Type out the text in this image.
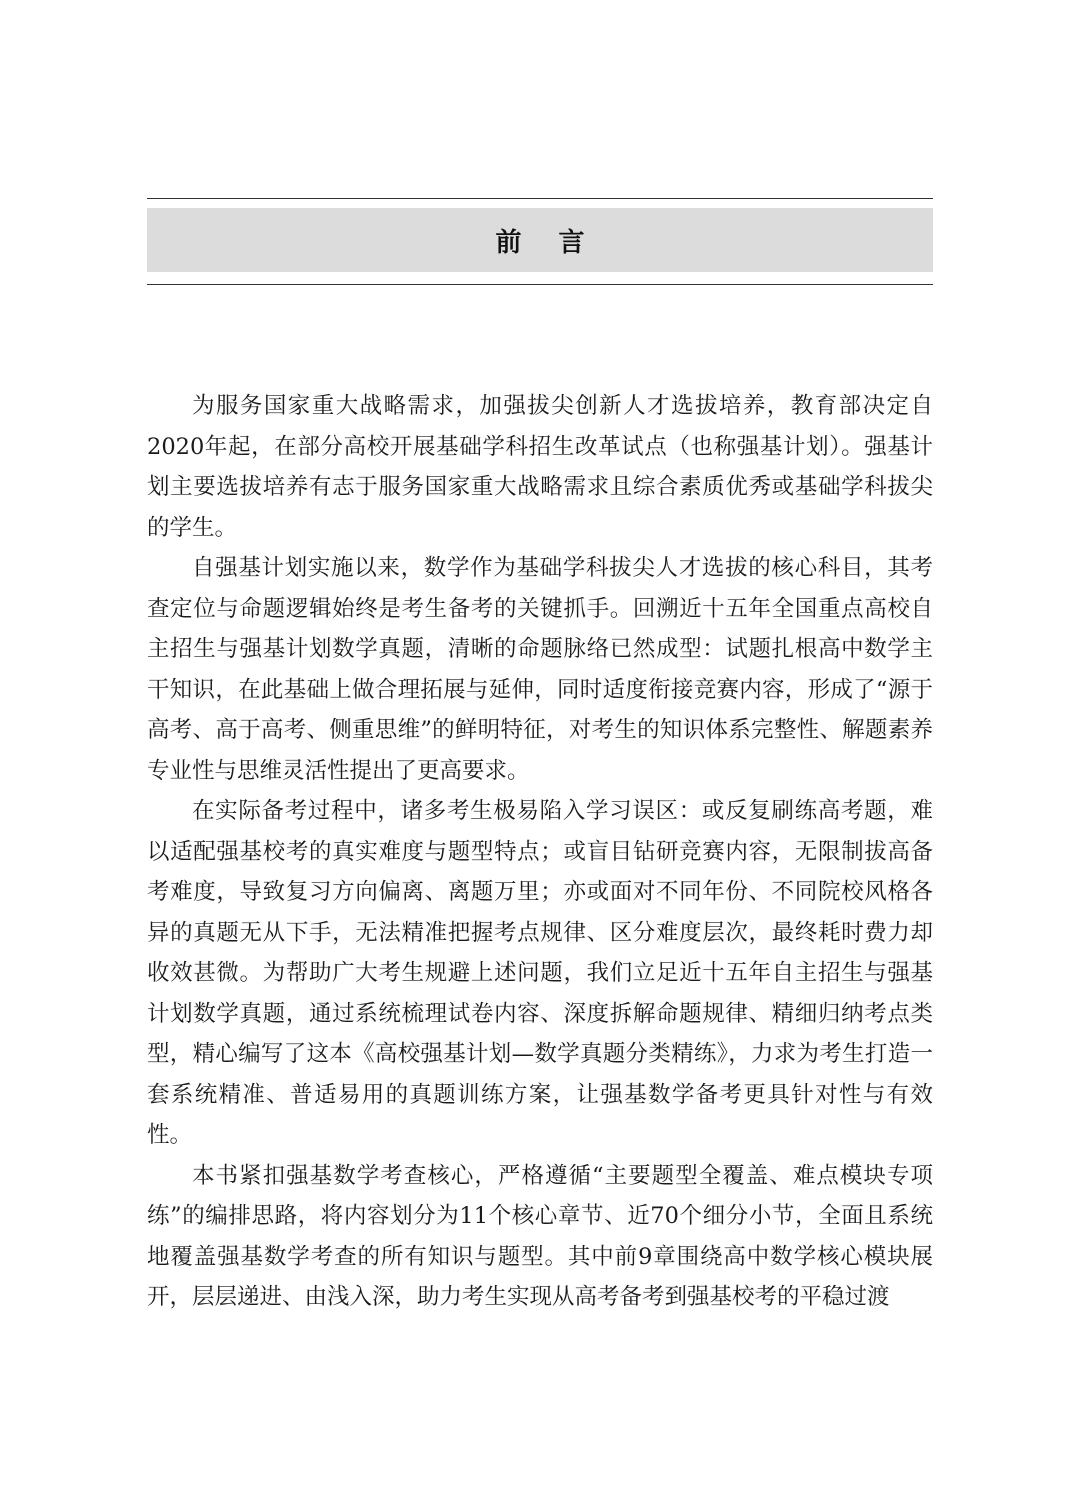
前 言

为服务国家重大战略需求，加强拔尖创新人才选拔培养，教育部决定自2020年起，在部分高校开展基础学科招生改革试点（也称强基计划）。强基计划主要选拔培养有志于服务国家重大战略需求且综合素质优秀或基础学科拔尖的学生。

自强基计划实施以来，数学作为基础学科拔尖人才选拔的核心科目，其考查定位与命题逻辑始终是考生备考的关键抓手。回溯近十五年全国重点高校自主招生与强基计划数学真题，清晰的命题脉络已然成型：试题扎根高中数学主干知识，在此基础上做合理拓展与延伸，同时适度衔接竞赛内容，形成了“源于高考、高于高考、侧重思维”的鲜明特征，对考生的知识体系完整性、解题素养专业性与思维灵活性提出了更高要求。

在实际备考过程中，诸多考生极易陷入学习误区：或反复刷练高考题，难以适配强基校考的真实难度与题型特点；或盲目钻研竞赛内容，无限制拔高备考难度，导致复习方向偏离、离题万里；亦或面对不同年份、不同院校风格各异的真题无从下手，无法精准把握考点规律、区分难度层次，最终耗时费力却收效甚微。为帮助广大考生规避上述问题，我们立足近十五年自主招生与强基计划数学真题，通过系统梳理试卷内容、深度拆解命题规律、精细归纳考点类型，精心编写了这本《高校强基计划—数学真题分类精练》，力求为考生打造一套系统精准、普适易用的真题训练方案，让强基数学备考更具针对性与有效性。

本书紧扣强基数学考查核心，严格遵循“主要题型全覆盖、难点模块专项练”的编排思路，将内容划分为11个核心章节、近70个细分小节，全面且系统地覆盖强基数学考查的所有知识与题型。其中前9章围绕高中数学核心模块展开，层层递进、由浅入深，助力考生实现从高考备考到强基校考的平稳过渡
